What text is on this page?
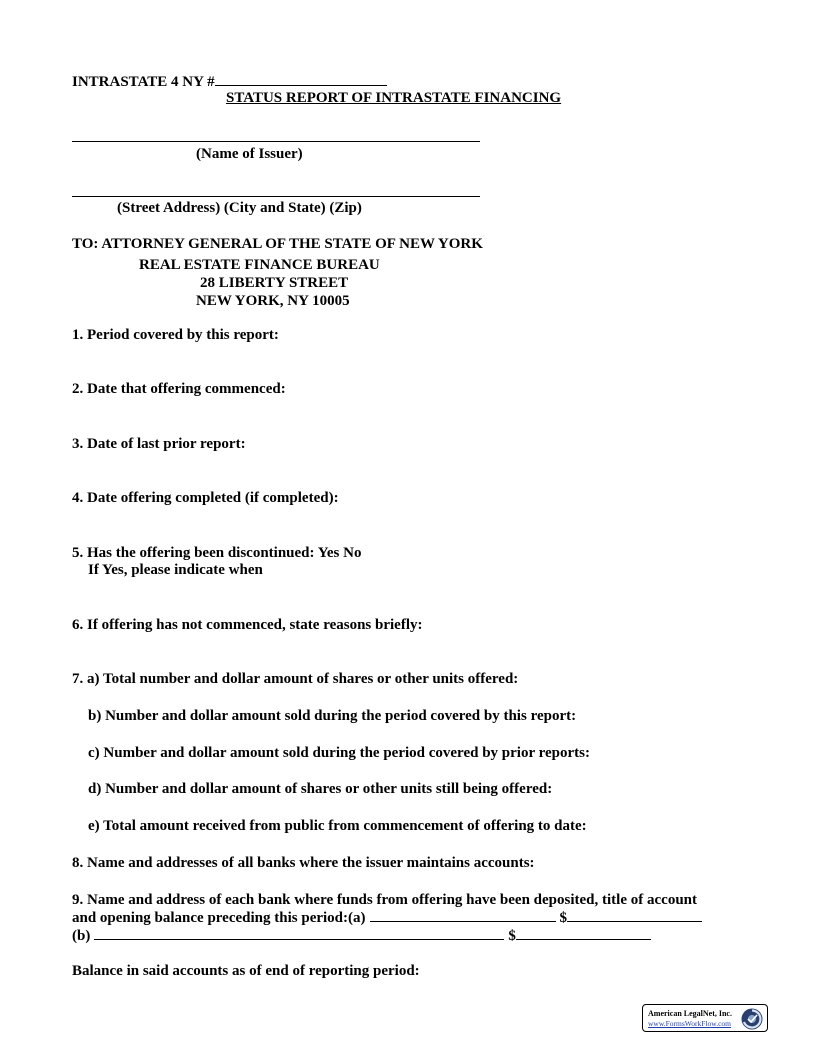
INTRASTATE 4 NY #
STATUS REPORT OF INTRASTATE FINANCING
(Name of Issuer)
(Street Address) (City and State) (Zip)
TO: ATTORNEY GENERAL OF THE STATE OF NEW YORK
REAL ESTATE FINANCE BUREAU
28 LIBERTY STREET
NEW YORK, NY 10005
1. Period covered by this report:
2. Date that offering commenced:
3. Date of last prior report:
4. Date offering completed (if completed):
5. Has the offering been discontinued: Yes No
If Yes, please indicate when
6. If offering has not commenced, state reasons briefly:
7. a) Total number and dollar amount of shares or other units offered:
b) Number and dollar amount sold during the period covered by this report:
c) Number and dollar amount sold during the period covered by prior reports:
d) Number and dollar amount of shares or other units still being offered:
e) Total amount received from public from commencement of offering to date:
8. Name and addresses of all banks where the issuer maintains accounts:
9. Name and address of each bank where funds from offering have been deposited, title of account
and opening balance preceding this period:(a)	$
(b)	$
Balance in said accounts as of end of reporting period:
American LegalNet, Inc.
www.FormsWorkFlow.com
